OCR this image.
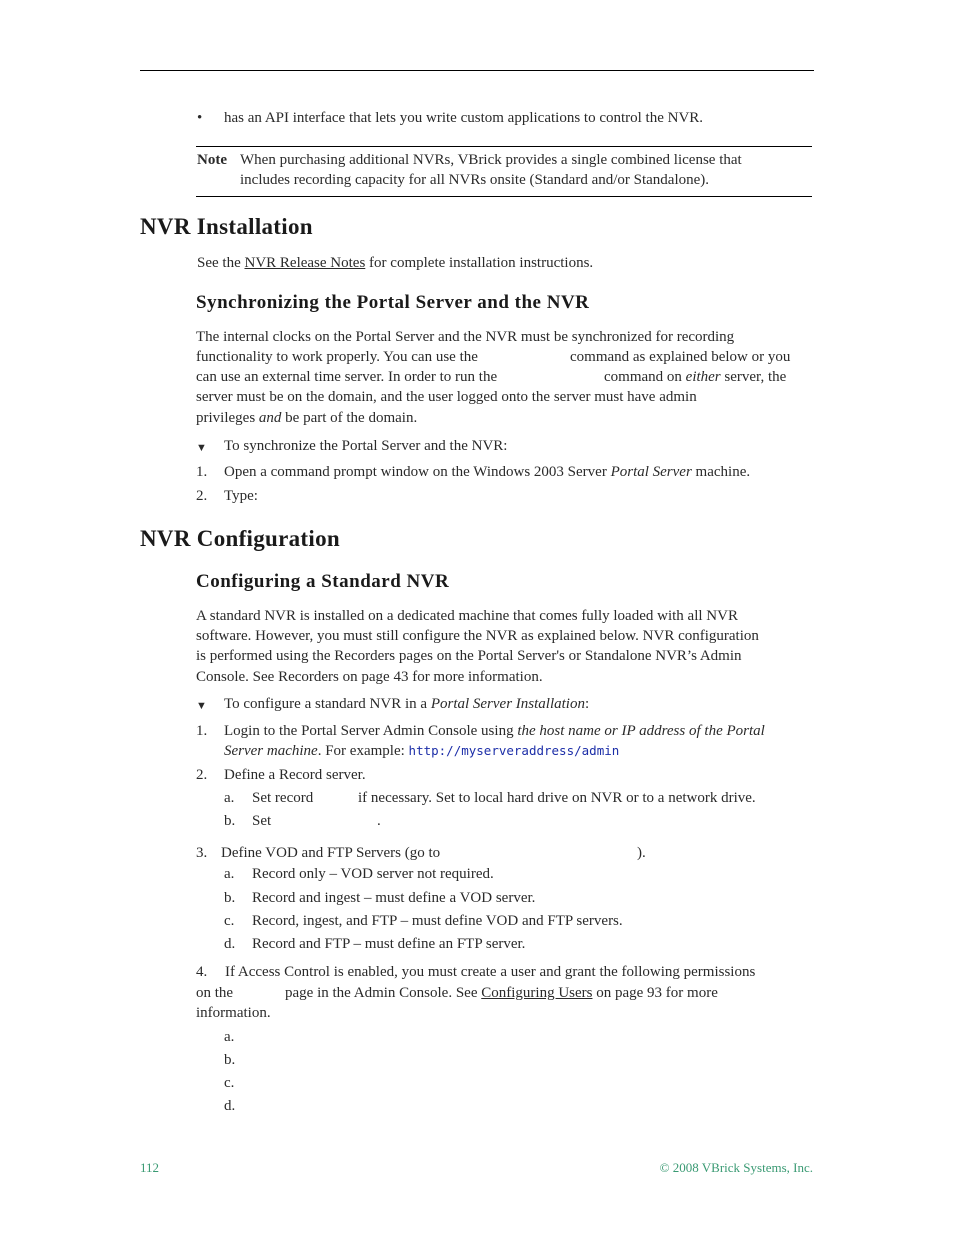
• has an API interface that lets you write custom applications to control the NVR.
Note When purchasing additional NVRs, VBrick provides a single combined license that
includes recording capacity for all NVRs onsite (Standard and/or Standalone).
NVR Installation
See the NVR Release Notes for complete installation instructions.
Synchronizing the Portal Server and the NVR
The internal clocks on the Portal Server and the NVR must be synchronized for recording
functionality to work properly. You can use the	command as explained below or you
can use an external time server. In order to run the	command on either server, the
server must be on the domain, and the user logged onto the server must have admin
privileges and be part of the domain.
▼ To synchronize the Portal Server and the NVR:
1. Open a command prompt window on the Windows 2003 Server Portal Server machine.
2. Type:
NVR Configuration
Configuring a Standard NVR
A standard NVR is installed on a dedicated machine that comes fully loaded with all NVR
software. However, you must still configure the NVR as explained below. NVR configuration
is performed using the Recorders pages on the Portal Server's or Standalone NVR’s Admin
Console. See Recorders on page 43 for more information.
▼ To configure a standard NVR in a Portal Server Installation:
1. Login to the Portal Server Admin Console using the host name or IP address of the Portal
Server machine. For example: http://myserveraddress/admin
2. Define a Record server.
a. Set record	if necessary. Set to local hard drive on NVR or to a network drive.
b. Set	.
3. Define VOD and FTP Servers (go to	).
a. Record only – VOD server not required.
b. Record and ingest – must define a VOD server.
c. Record, ingest, and FTP – must define VOD and FTP servers.
d. Record and FTP – must define an FTP server.
4. If Access Control is enabled, you must create a user and grant the following permissions
on the	page in the Admin Console. See Configuring Users on page 93 for more
information.
a.
b.
c.
d.
112	© 2008 VBrick Systems, Inc.
